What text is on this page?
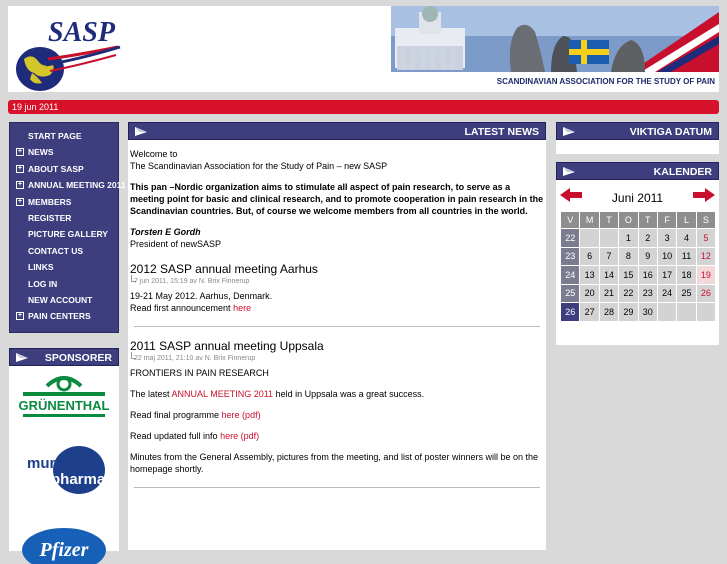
SASP
SCANDINAVIAN ASSOCIATION FOR THE STUDY OF PAIN
19 jun 2011
START PAGE
+ NEWS
+ ABOUT SASP
+ ANNUAL MEETING 2011
+ MEMBERS
REGISTER
PICTURE GALLERY
CONTACT US
LINKS
LOG IN
NEW ACCOUNT
+ PAIN CENTERS
SPONSORER
GRÜNENTHAL
mundi
pharma
Pfizer
LATEST NEWS

Welcome to

The Scandinavian Association for the Study of Pain – new SASP

This pan –Nordic organization aims to stimulate all aspect of pain research, to serve as a meeting point for basic and clinical research, and to promote cooperation in pain research in the Scandinavian countries. But, of course we welcome members from all countries in the world.

Torsten E Gordh

President of newSASP

2012 SASP annual meeting Aarhus
7 jun 2011, 15:19 av N. Brix Finnerup

19-21 May 2012. Aarhus, Denmark.

Read first announcement here

2011 SASP annual meeting Uppsala
22 maj 2011, 21:10 av N. Brix Finnerup

FRONTIERS IN PAIN RESEARCH

The latest ANNUAL MEETING 2011 held in Uppsala was a great success.

Read final programme here (pdf)

Read updated full info here (pdf)

Minutes from the General Assembly, pictures from the meeting, and list of poster winners will be on the homepage shortly.

VIKTIGA DATUM
KALENDER
Juni 2011
V	M	T	O	T	F	L	S
22			1	2	3	4	5
23	6	7	8	9	10	11	12
24	13	14	15	16	17	18	19
25	20	21	22	23	24	25	26
26	27	28	29	30			
